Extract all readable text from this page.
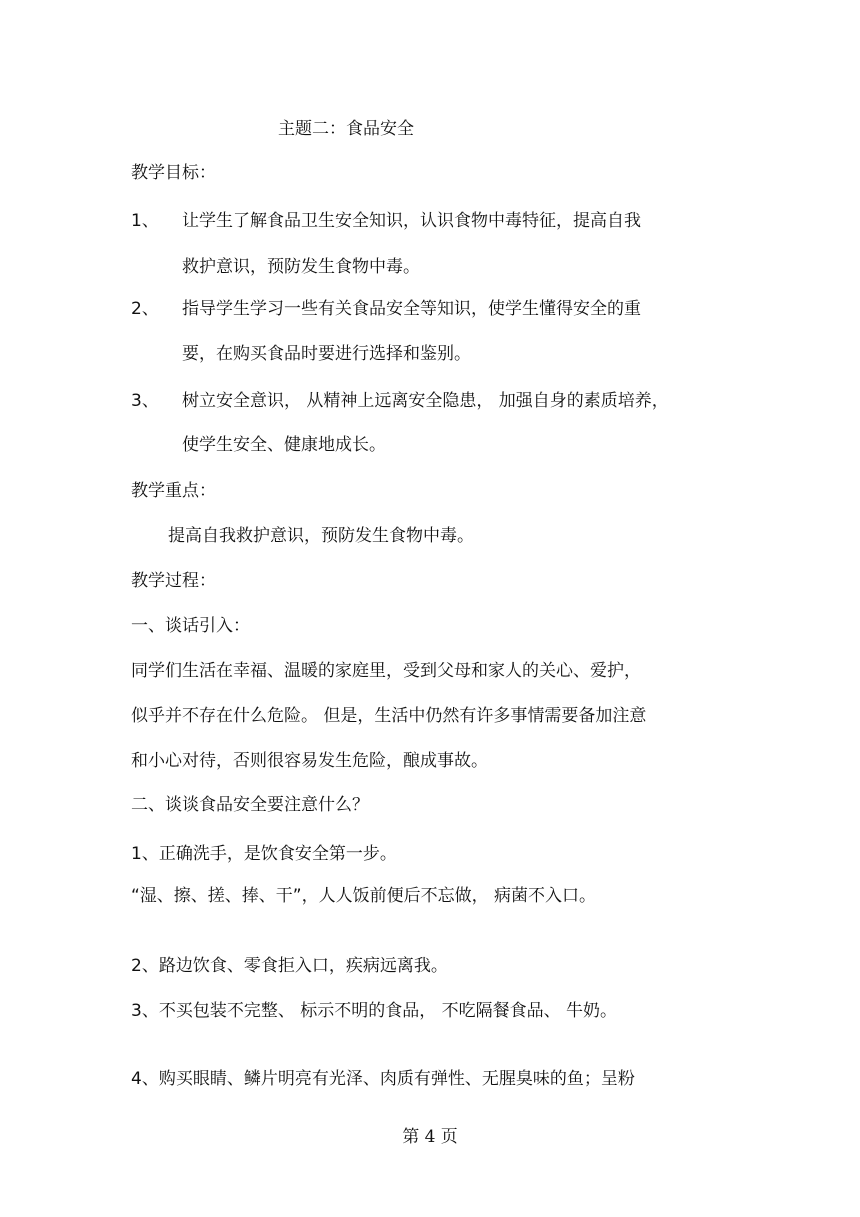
主题二：食品安全
教学目标：
1、 让学生了解食品卫生安全知识，认识食物中毒特征，提高自我
救护意识，预防发生食物中毒。
2、 指导学生学习一些有关食品安全等知识，使学生懂得安全的重
要，在购买食品时要进行选择和鉴别。
3、 树立安全意识， 从精神上远离安全隐患， 加强自身的素质培养，
使学生安全、健康地成长。
教学重点：
提高自我救护意识，预防发生食物中毒。
教学过程：
一、谈话引入：
同学们生活在幸福、温暖的家庭里，受到父母和家人的关心、爱护，
似乎并不存在什么危险。 但是，生活中仍然有许多事情需要备加注意
和小心对待，否则很容易发生危险，酿成事故。
二、谈谈食品安全要注意什么？
1、正确洗手，是饮食安全第一步。
“湿、擦、搓、捧、干”，人人饭前便后不忘做， 病菌不入口。
2、路边饮食、零食拒入口，疾病远离我。
3、不买包装不完整、 标示不明的食品， 不吃隔餐食品、 牛奶。
4、购买眼睛、鳞片明亮有光泽、肉质有弹性、无腥臭味的鱼；呈粉
第 4 页
